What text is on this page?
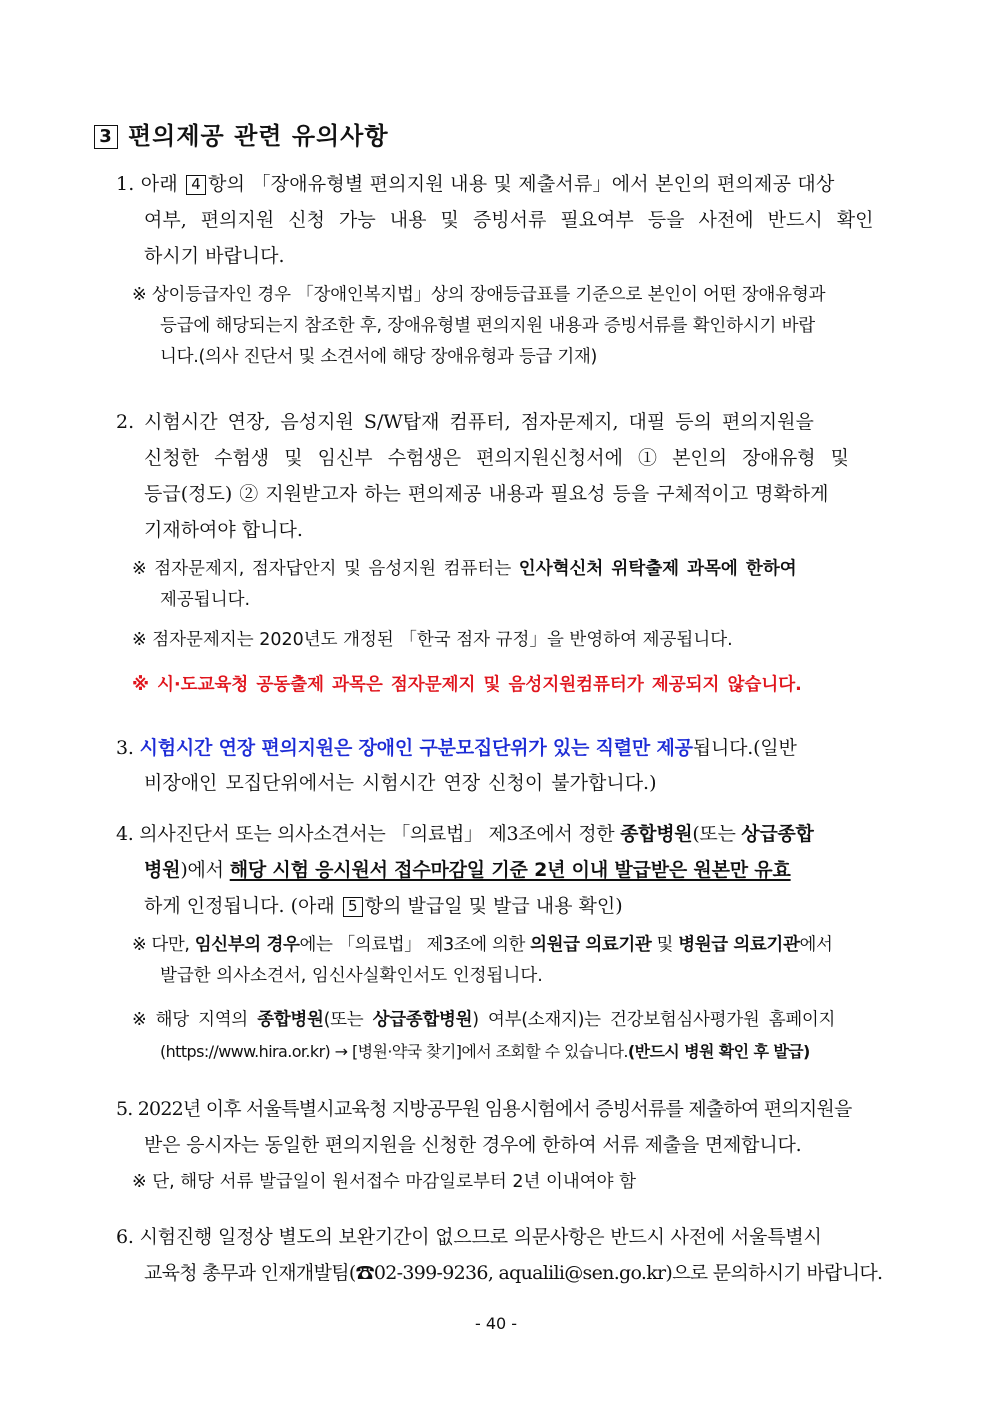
3 편의제공 관련 유의사항
1. 아래 4 항의 「장애유형별 편의지원 내용 및 제출서류」에서 본인의 편의제공 대상
여부, 편의지원 신청 가능 내용 및 증빙서류 필요여부 등을 사전에 반드시 확인
하시기 바랍니다.
※ 상이등급자인 경우 「장애인복지법」상의 장애등급표를 기준으로 본인이 어떤 장애유형과
등급에 해당되는지 참조한 후, 장애유형별 편의지원 내용과 증빙서류를 확인하시기 바랍
니다.(의사 진단서 및 소견서에 해당 장애유형과 등급 기재)
2. 시험시간 연장, 음성지원 S/W탑재 컴퓨터, 점자문제지, 대필 등의 편의지원을
신청한 수험생 및 임신부 수험생은 편의지원신청서에 ① 본인의 장애유형 및
등급(정도) ② 지원받고자 하는 편의제공 내용과 필요성 등을 구체적이고 명확하게
기재하여야 합니다.
※ 점자문제지, 점자답안지 및 음성지원 컴퓨터는 인사혁신처 위탁출제 과목에 한하여
제공됩니다.
※ 점자문제지는 2020년도 개정된 「한국 점자 규정」을 반영하여 제공됩니다.
※ 시·도교육청 공동출제 과목은 점자문제지 및 음성지원컴퓨터가 제공되지 않습니다.
3. 시험시간 연장 편의지원은 장애인 구분모집단위가 있는 직렬만 제공됩니다.(일반
비장애인 모집단위에서는 시험시간 연장 신청이 불가합니다.)
4. 의사진단서 또는 의사소견서는 「의료법」 제3조에서 정한 종합병원(또는 상급종합
병원)에서 해당 시험 응시원서 접수마감일 기준 2년 이내 발급받은 원본만 유효
하게 인정됩니다. (아래 5 항의 발급일 및 발급 내용 확인)
※ 다만, 임신부의 경우에는 「의료법」 제3조에 의한 의원급 의료기관 및 병원급 의료기관에서
발급한 의사소견서, 임신사실확인서도 인정됩니다.
※ 해당 지역의 종합병원(또는 상급종합병원) 여부(소재지)는 건강보험심사평가원 홈페이지
(https://www.hira.or.kr) → [병원·약국 찾기]에서 조회할 수 있습니다.(반드시 병원 확인 후 발급)
5. 2022년 이후 서울특별시교육청 지방공무원 임용시험에서 증빙서류를 제출하여 편의지원을
받은 응시자는 동일한 편의지원을 신청한 경우에 한하여 서류 제출을 면제합니다.
※ 단, 해당 서류 발급일이 원서접수 마감일로부터 2년 이내여야 함
6. 시험진행 일정상 별도의 보완기간이 없으므로 의문사항은 반드시 사전에 서울특별시
교육청 총무과 인재개발팀(☎02-399-9236, aqualili@sen.go.kr)으로 문의하시기 바랍니다.
- 40 -
